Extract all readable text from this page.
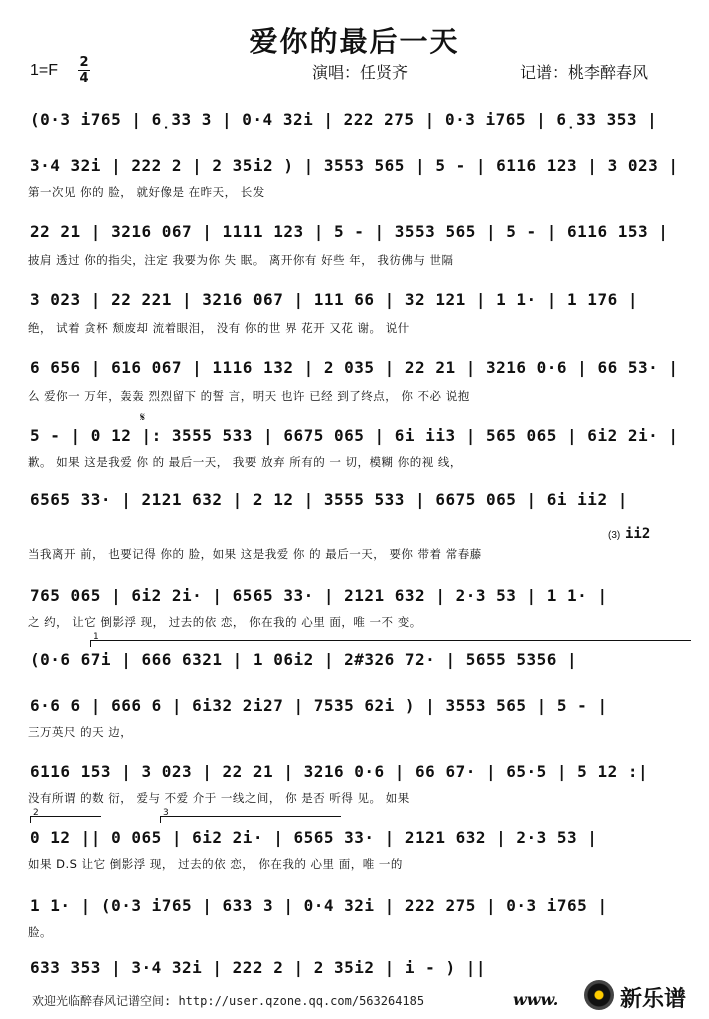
爱你的最后一天
1=F 2
4	演唱：任贤齐	记谱：桃李醉春风
(0·3 i765 | 6̣33 3 | 0·4 32i | 222 275 | 0·3 i765 | 6̣33 353 |
3·4 32i | 222 2 | 2 35i2 ) | 3553 565 | 5 - | 6116 123 | 3 023 |
第一次见 你的 脸， 就好像是 在昨天， 长发
22 21 | 3216 067 | 1111 123 | 5 - | 3553 565 | 5 - | 6116 153 |
披肩 透过 你的指尖，注定 我要为你 失 眠。 离开你有 好些 年， 我彷佛与 世隔
3 023 | 22 221 | 3216 067 | 111 66 | 32 121 | 1 1· | 1 176 |
绝， 试着 贪杯 颓废却 流着眼泪， 没有 你的世 界 花开 又花 谢。 说什
6 656 | 616 067 | 1116 132 | 2 035 | 22 21 | 3216 0·6 | 66 53· |
么 爱你一 万年，轰轰 烈烈留下 的誓 言，明天 也许 已经 到了终点， 你 不必 说抱
𝄋
5 - | 0 12 |: 3555 533 | 6675 065 | 6i ii3 | 565 065 | 6i2 2i· |
歉。 如果 这是我爱 你 的 最后一天， 我要 放弃 所有的 一 切，模糊 你的视 线，
6565 33· | 2121 632 | 2 12 | 3555 533 | 6675 065 | 6i ii2 |
(3) ii2
当我离开 前， 也要记得 你的 脸，如果 这是我爱 你 的 最后一天， 要你 带着 常春藤
765 065 | 6i2 2i· | 6565 33· | 2121 632 | 2·3 53 | 1 1· |
之 约， 让它 倒影浮 现， 过去的依 恋， 你在我的 心里 面，唯 一不 变。
1
(0·6 67i | 666 6321 | 1 06i2 | 2#326 72· | 5655 5356 |
6·6 6 | 666 6 | 6i32 2i27 | 7535 62i ) | 3553 565 | 5 - |
三万英尺 的天 边，
6116 153 | 3 023 | 22 21 | 3216 0·6 | 66 67· | 65·5 | 5 12 :|
没有所谓 的数 衍， 爱与 不爱 介于 一线之间， 你 是否 听得 见。 如果
2	3
0 12 || 0 065 | 6i2 2i· | 6565 33· | 2121 632 | 2·3 53 |
如果 D.S 让它 倒影浮 现， 过去的依 恋， 你在我的 心里 面，唯 一的
1 1· | (0·3 i765 | 633 3 | 0·4 32i | 222 275 | 0·3 i765 |
脸。
633 353 | 3·4 32i | 222 2 | 2 35i2 | i - ) ||
欢迎光临醉春风记谱空间: http://user.qzone.qq.com/563264185	www.	新乐谱
